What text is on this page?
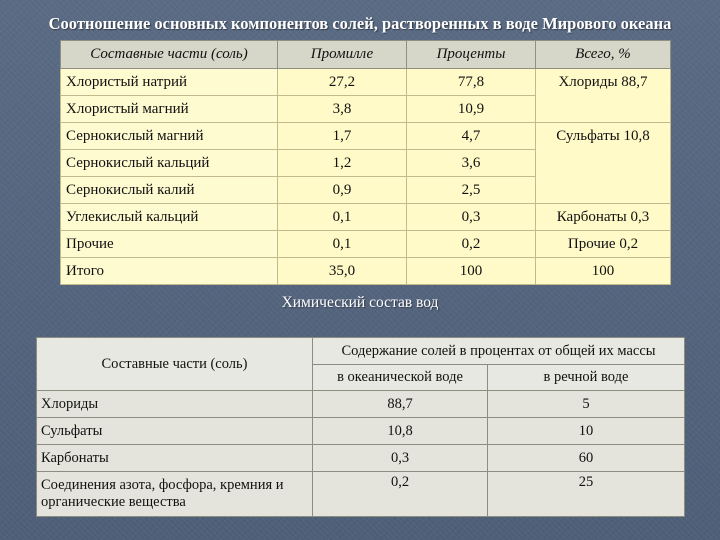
Соотношение основных компонентов солей, растворенных в воде Мирового океана
Составные части (соль)	Промилле	Проценты	Всего, %
Хлористый натрий	27,2	77,8	Хлориды 88,7
Хлористый магний	3,8	10,9	
Сернокислый магний	1,7	4,7	Сульфаты 10,8
Сернокислый кальций	1,2	3,6	
Сернокислый калий	0,9	2,5	
Углекислый кальций	0,1	0,3	Карбонаты 0,3
Прочие	0,1	0,2	Прочие 0,2
Итого	35,0	100	100
Химический состав вод
Составные части (соль)	Содержание солей в процентах от общей их массы	
	в океанической воде	в речной воде
Хлориды	88,7	5
Сульфаты	10,8	10
Карбонаты	0,3	60
Соединения азота, фосфора, кремния и органические вещества	0,2	25
